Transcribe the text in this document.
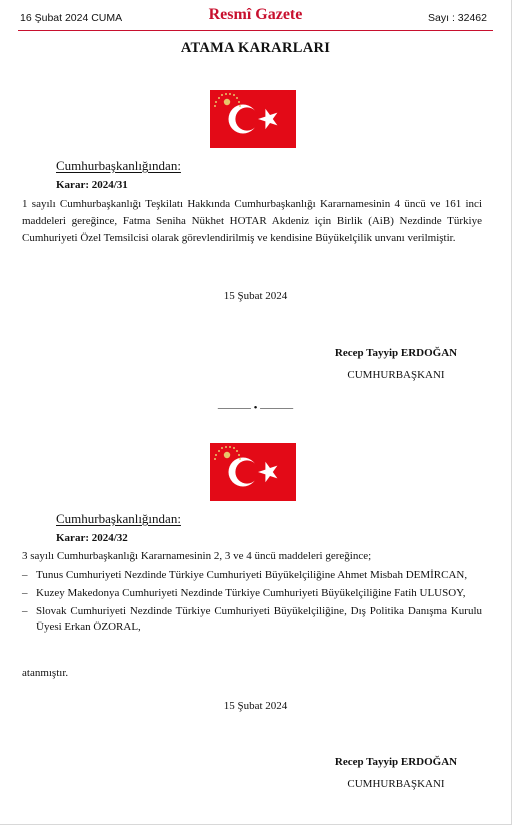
16 Şubat 2024 CUMA	Resmî Gazete	Sayı : 32462
ATAMA KARARLARI
Cumhurbaşkanlığından:
Karar: 2024/31
1 sayılı Cumhurbaşkanlığı Teşkilatı Hakkında Cumhurbaşkanlığı Kararnamesinin 4 üncü ve 161 inci maddeleri gereğince, Fatma Seniha Nükhet HOTAR Akdeniz için Birlik (AiB) Nezdinde Türkiye Cumhuriyeti Özel Temsilcisi olarak görevlendirilmiş ve kendisine Büyükelçilik unvanı verilmiştir.
15 Şubat 2024
Recep Tayyip ERDOĞAN
CUMHURBAŞKANI
——— • ———
Cumhurbaşkanlığından:
Karar: 2024/32
3 sayılı Cumhurbaşkanlığı Kararnamesinin 2, 3 ve 4 üncü maddeleri gereğince;
– Tunus Cumhuriyeti Nezdinde Türkiye Cumhuriyeti Büyükelçiliğine Ahmet Misbah DEMİRCAN,
– Kuzey Makedonya Cumhuriyeti Nezdinde Türkiye Cumhuriyeti Büyükelçiliğine Fatih ULUSOY,
– Slovak Cumhuriyeti Nezdinde Türkiye Cumhuriyeti Büyükelçiliğine, Dış Politika Danışma Kurulu Üyesi Erkan ÖZORAL,
atanmıştır.
15 Şubat 2024
Recep Tayyip ERDOĞAN
CUMHURBAŞKANI
